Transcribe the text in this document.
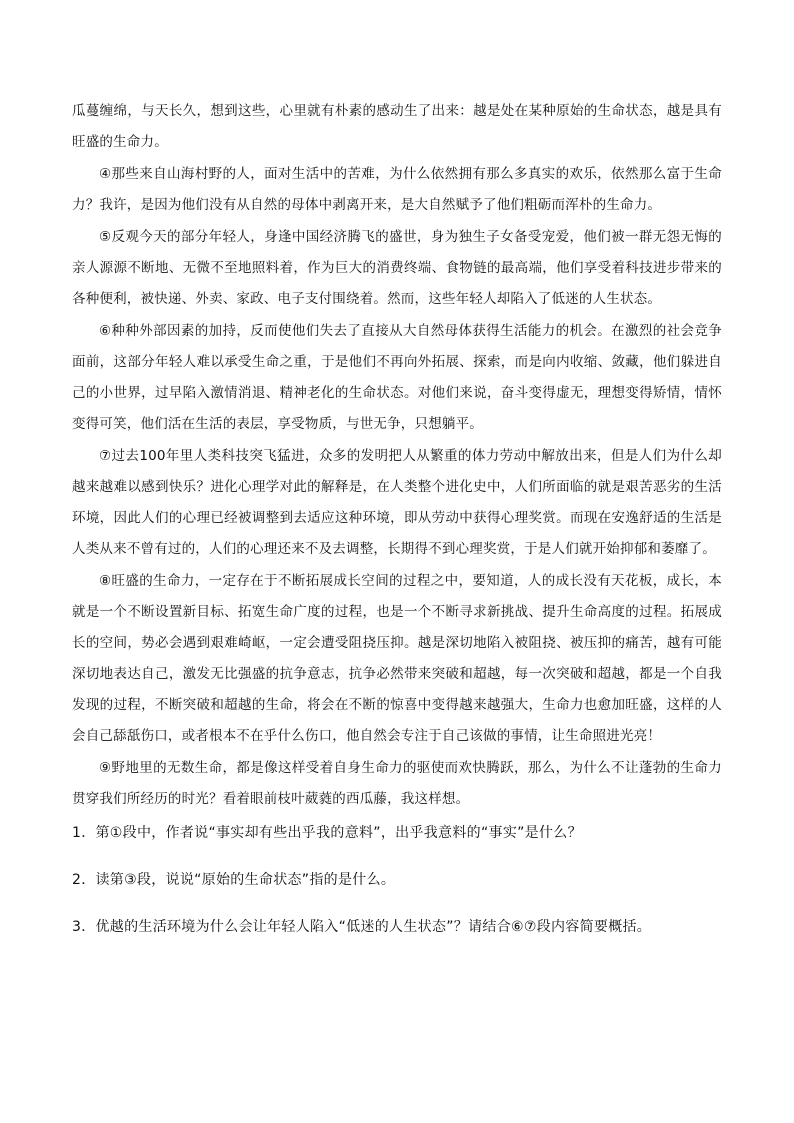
瓜蔓缠绵，与天长久，想到这些，心里就有朴素的感动生了出来：越是处在某种原始的生命状态，越是具有旺盛的生命力。

④那些来自山海村野的人，面对生活中的苦难，为什么依然拥有那么多真实的欢乐，依然那么富于生命力？我许，是因为他们没有从自然的母体中剥离开来，是大自然赋予了他们粗砺而浑朴的生命力。

⑤反观今天的部分年轻人，身逢中国经济腾飞的盛世，身为独生子女备受宠爱，他们被一群无怨无悔的亲人源源不断地、无微不至地照料着，作为巨大的消费终端、食物链的最高端，他们享受着科技进步带来的各种便利，被快递、外卖、家政、电子支付围绕着。然而，这些年轻人却陷入了低迷的人生状态。

⑥种种外部因素的加持，反而使他们失去了直接从大自然母体获得生活能力的机会。在激烈的社会竞争面前，这部分年轻人难以承受生命之重，于是他们不再向外拓展、探索，而是向内收缩、敛藏，他们躲进自己的小世界，过早陷入激情消退、精神老化的生命状态。对他们来说，奋斗变得虚无，理想变得矫情，情怀变得可笑，他们活在生活的表层，享受物质，与世无争，只想躺平。

⑦过去100年里人类科技突飞猛进，众多的发明把人从繁重的体力劳动中解放出来，但是人们为什么却越来越难以感到快乐？进化心理学对此的解释是，在人类整个进化史中，人们所面临的就是艰苦恶劣的生活环境，因此人们的心理已经被调整到去适应这种环境，即从劳动中获得心理奖赏。而现在安逸舒适的生活是人类从来不曾有过的，人们的心理还来不及去调整，长期得不到心理奖赏，于是人们就开始抑郁和萎靡了。

⑧旺盛的生命力，一定存在于不断拓展成长空间的过程之中，要知道，人的成长没有天花板，成长，本就是一个不断设置新目标、拓宽生命广度的过程，也是一个不断寻求新挑战、提升生命高度的过程。拓展成长的空间，势必会遇到艰难崎岖，一定会遭受阻挠压抑。越是深切地陷入被阻挠、被压抑的痛苦，越有可能深切地表达自己，激发无比强盛的抗争意志，抗争必然带来突破和超越，每一次突破和超越，都是一个自我发现的过程，不断突破和超越的生命，将会在不断的惊喜中变得越来越强大，生命力也愈加旺盛，这样的人会自己舔舐伤口，或者根本不在乎什么伤口，他自然会专注于自己该做的事情，让生命照进光亮！

⑨野地里的无数生命，都是像这样受着自身生命力的驱使而欢快腾跃，那么，为什么不让蓬勃的生命力贯穿我们所经历的时光？看着眼前枝叶葳蕤的西瓜藤，我这样想。

1．第①段中，作者说“事实却有些出乎我的意料”，出乎我意料的“事实”是什么？

2．读第③段，说说“原始的生命状态”指的是什么。

3．优越的生活环境为什么会让年轻人陷入“低迷的人生状态”？请结合⑥⑦段内容简要概括。
